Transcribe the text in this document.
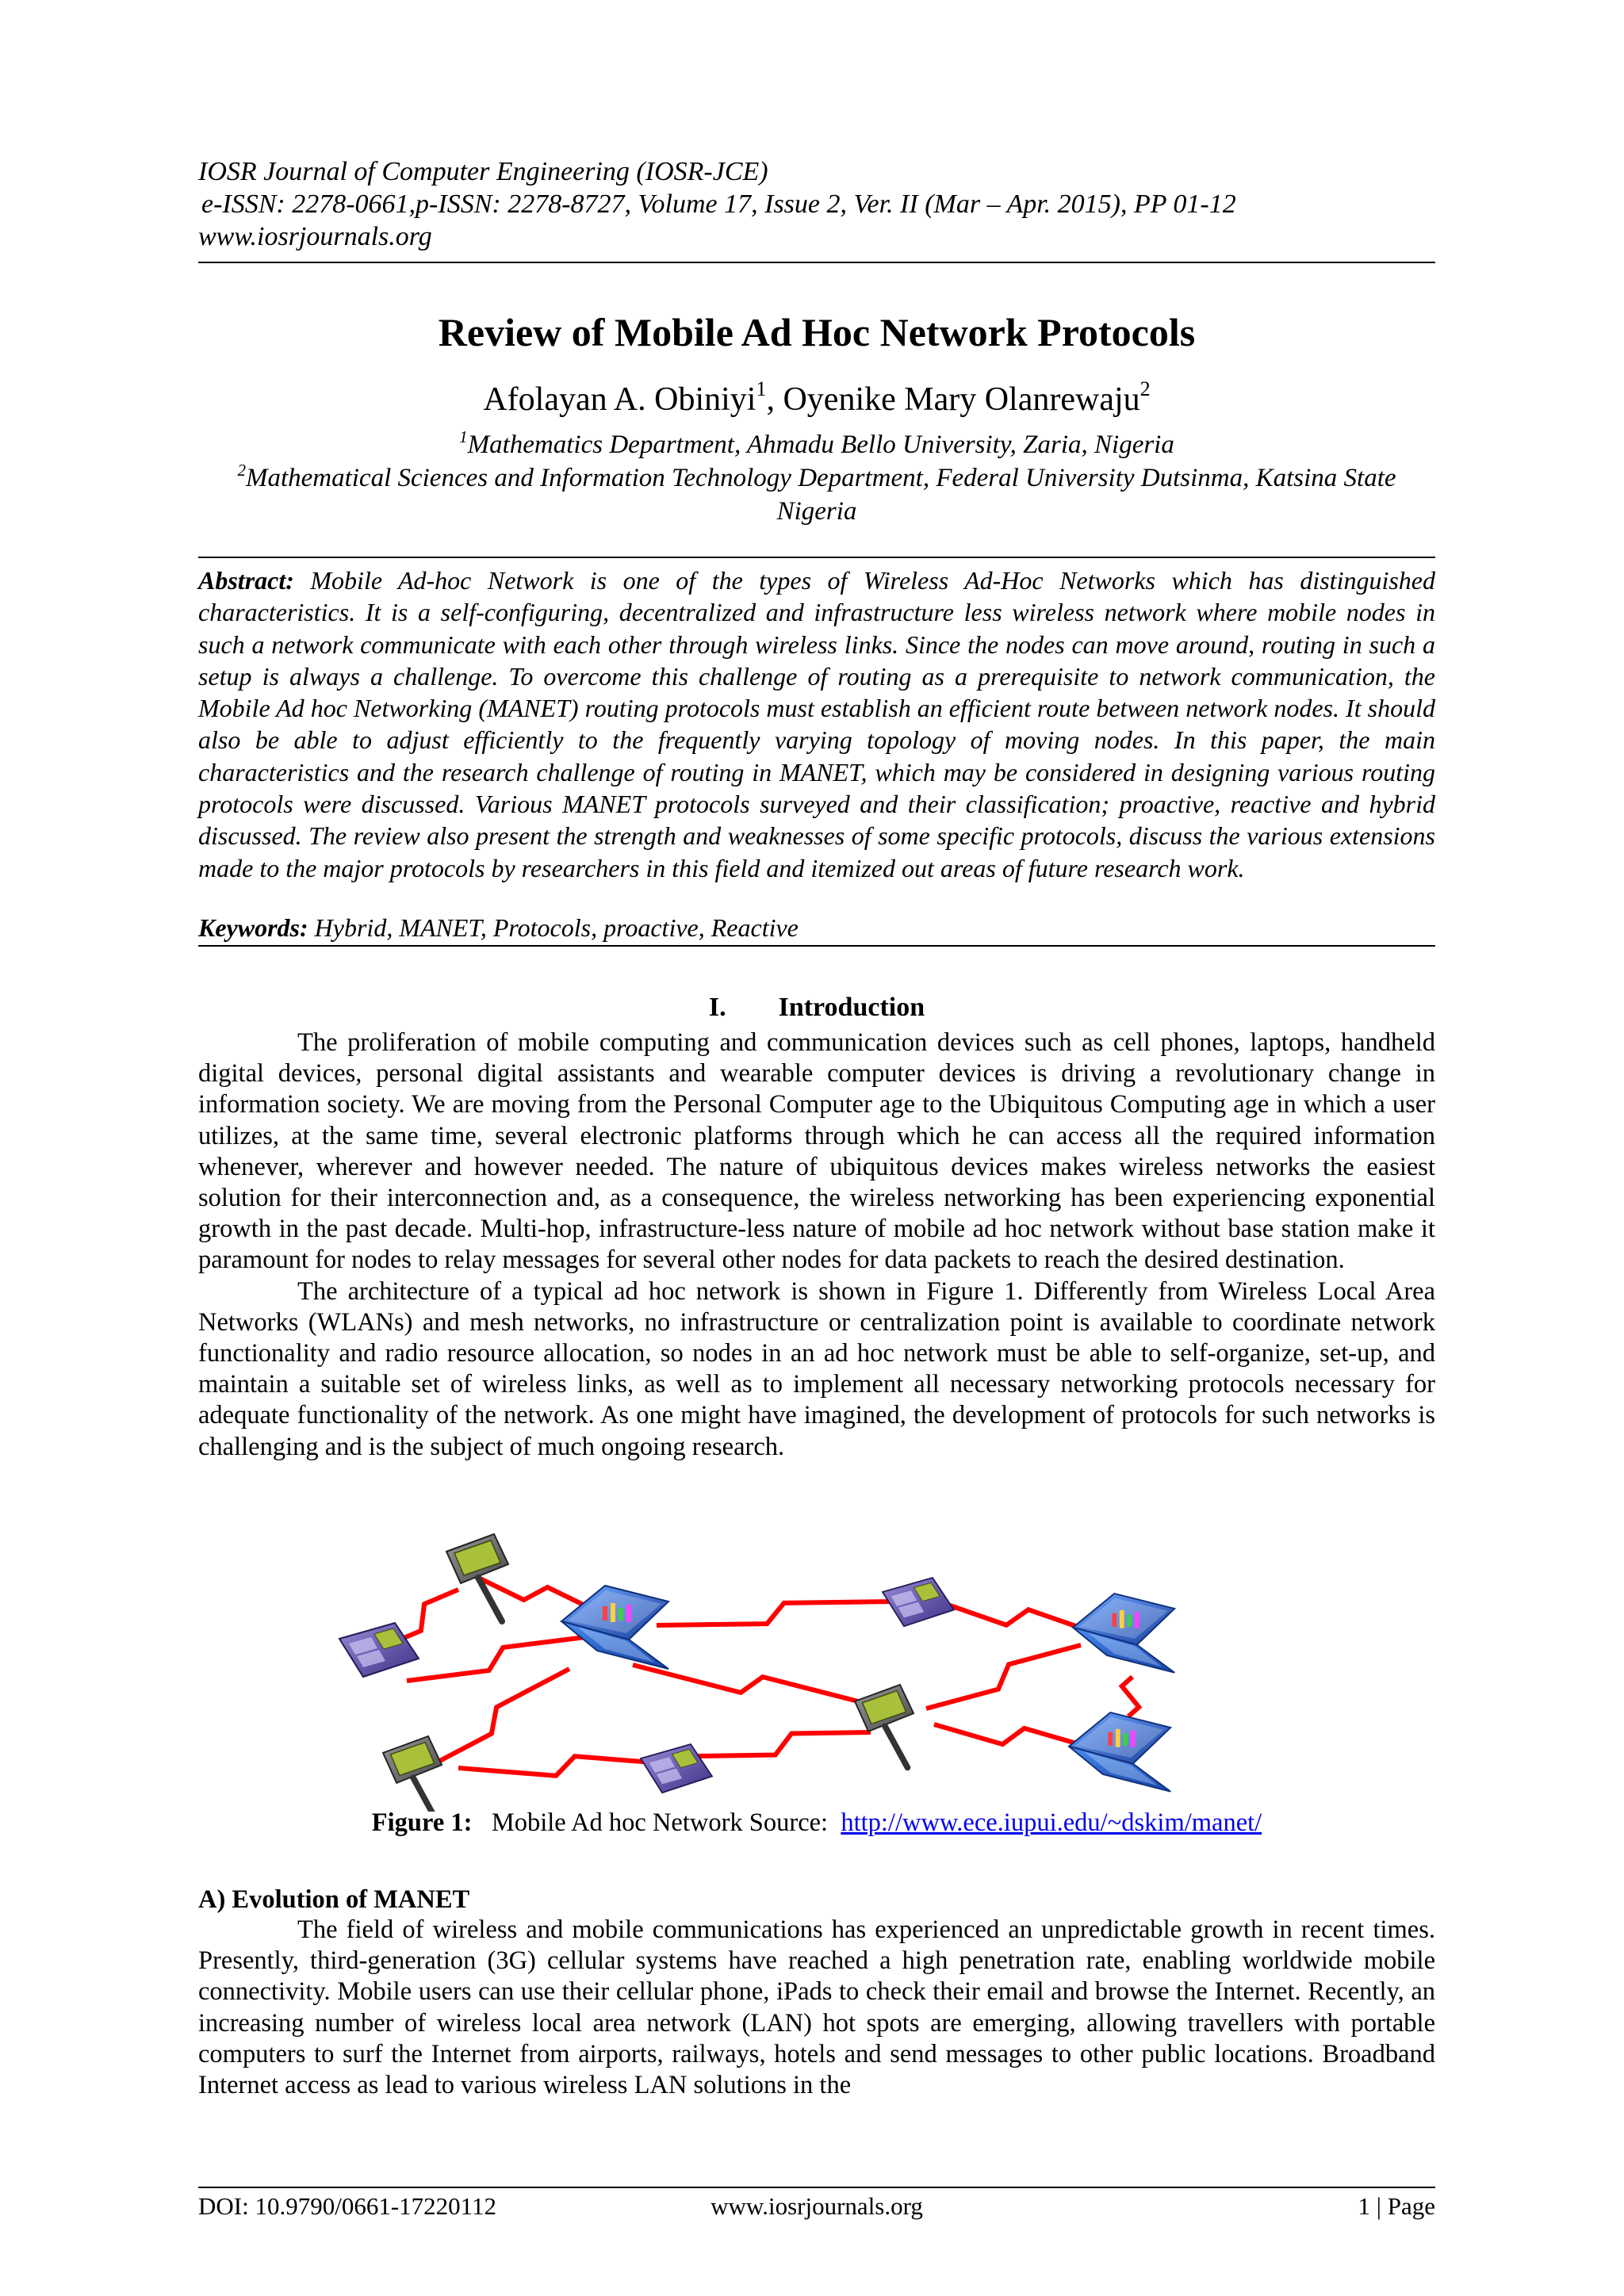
IOSR Journal of Computer Engineering (IOSR-JCE)
e-ISSN: 2278-0661,p-ISSN: 2278-8727, Volume 17, Issue 2, Ver. II (Mar – Apr. 2015), PP 01-12
www.iosrjournals.org
Review of Mobile Ad Hoc Network Protocols
Afolayan A. Obiniyi$^1$, Oyenike Mary Olanrewaju$^2$
$^1$Mathematics Department, Ahmadu Bello University, Zaria, Nigeria
$^2$Mathematical Sciences and Information Technology Department, Federal University Dutsinma, Katsina State Nigeria
Abstract: Mobile Ad-hoc Network is one of the types of Wireless Ad-Hoc Networks which has distinguished characteristics. It is a self-configuring, decentralized and infrastructure less wireless network where mobile nodes in such a network communicate with each other through wireless links. Since the nodes can move around, routing in such a setup is always a challenge. To overcome this challenge of routing as a prerequisite to network communication, the Mobile Ad hoc Networking (MANET) routing protocols must establish an efficient route between network nodes. It should also be able to adjust efficiently to the frequently varying topology of moving nodes. In this paper, the main characteristics and the research challenge of routing in MANET, which may be considered in designing various routing protocols were discussed. Various MANET protocols surveyed and their classification; proactive, reactive and hybrid discussed. The review also present the strength and weaknesses of some specific protocols, discuss the various extensions made to the major protocols by researchers in this field and itemized out areas of future research work.
Keywords: Hybrid, MANET, Protocols, proactive, Reactive
I. Introduction

The proliferation of mobile computing and communication devices such as cell phones, laptops, handheld digital devices, personal digital assistants and wearable computer devices is driving a revolutionary change in information society. We are moving from the Personal Computer age to the Ubiquitous Computing age in which a user utilizes, at the same time, several electronic platforms through which he can access all the required information whenever, wherever and however needed. The nature of ubiquitous devices makes wireless networks the easiest solution for their interconnection and, as a consequence, the wireless networking has been experiencing exponential growth in the past decade. Multi-hop, infrastructure-less nature of mobile ad hoc network without base station make it paramount for nodes to relay messages for several other nodes for data packets to reach the desired destination.

The architecture of a typical ad hoc network is shown in Figure 1. Differently from Wireless Local Area Networks (WLANs) and mesh networks, no infrastructure or centralization point is available to coordinate network functionality and radio resource allocation, so nodes in an ad hoc network must be able to self-organize, set-up, and maintain a suitable set of wireless links, as well as to implement all necessary networking protocols necessary for adequate functionality of the network. As one might have imagined, the development of protocols for such networks is challenging and is the subject of much ongoing research.

Figure 1: Mobile Ad hoc Network Source: http://www.ece.iupui.edu/~dskim/manet/
A) Evolution of MANET

The field of wireless and mobile communications has experienced an unpredictable growth in recent times. Presently, third-generation (3G) cellular systems have reached a high penetration rate, enabling worldwide mobile connectivity. Mobile users can use their cellular phone, iPads to check their email and browse the Internet. Recently, an increasing number of wireless local area network (LAN) hot spots are emerging, allowing travellers with portable computers to surf the Internet from airports, railways, hotels and send messages to other public locations. Broadband Internet access as lead to various wireless LAN solutions in the

DOI: 10.9790/0661-17220112	www.iosrjournals.org	1 | Page
